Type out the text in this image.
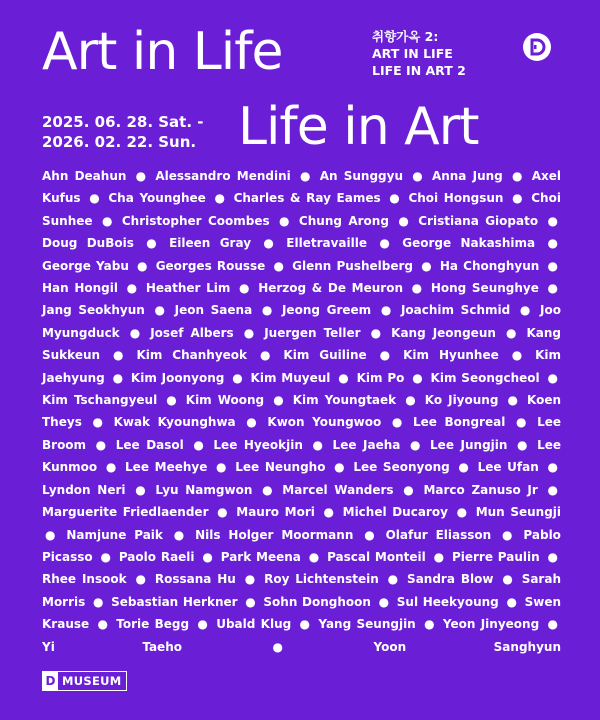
Art in Life
Life in Art
취향가옥 2:
ART IN LIFE
LIFE IN ART 2
2025. 06. 28. Sat. -
2026. 02. 22. Sun.
Ahn Deahun ● Alessandro Mendini ● An Sunggyu ● Anna Jung ● Axel Kufus ● Cha Younghee ● Charles & Ray Eames ● Choi Hongsun ● Choi Sunhee ● Christopher Coombes ● Chung Arong ● Cristiana Giopato ● Doug DuBois ● Eileen Gray ● Elletravaille ● George Nakashima ● George Yabu ● Georges Rousse ● Glenn Pushelberg ● Ha Chonghyun ● Han Hongil ● Heather Lim ● Herzog & De Meuron ● Hong Seunghye ● Jang Seokhyun ● Jeon Saena ● Jeong Greem ● Joachim Schmid ● Joo Myungduck ● Josef Albers ● Juergen Teller ● Kang Jeongeun ● Kang Sukkeun ● Kim Chanhyeok ● Kim Guiline ● Kim Hyunhee ● Kim Jaehyung ● Kim Joonyong ● Kim Muyeul ● Kim Po ● Kim Seongcheol ● Kim Tschangyeul ● Kim Woong ● Kim Youngtaek ● Ko Jiyoung ● Koen Theys ● Kwak Kyounghwa ● Kwon Youngwoo ● Lee Bongreal ● Lee Broom ● Lee Dasol ● Lee Hyeokjin ● Lee Jaeha ● Lee Jungjin ● Lee Kunmoo ● Lee Meehye ● Lee Neungho ● Lee Seonyong ● Lee Ufan ● Lyndon Neri ● Lyu Namgwon ● Marcel Wanders ● Marco Zanuso Jr ● Marguerite Friedlaender ● Mauro Mori ● Michel Ducaroy ● Mun Seungji ● Namjune Paik ● Nils Holger Moormann ● Olafur Eliasson ● Pablo Picasso ● Paolo Raeli ● Park Meena ● Pascal Monteil ● Pierre Paulin ● Rhee Insook ● Rossana Hu ● Roy Lichtenstein ● Sandra Blow ● Sarah Morris ● Sebastian Herkner ● Sohn Donghoon ● Sul Heekyoung ● Swen Krause ● Torie Begg ● Ubald Klug ● Yang Seungjin ● Yeon Jinyeong ● Yi Taeho	●	Yoon Sanghyun
D MUSEUM
